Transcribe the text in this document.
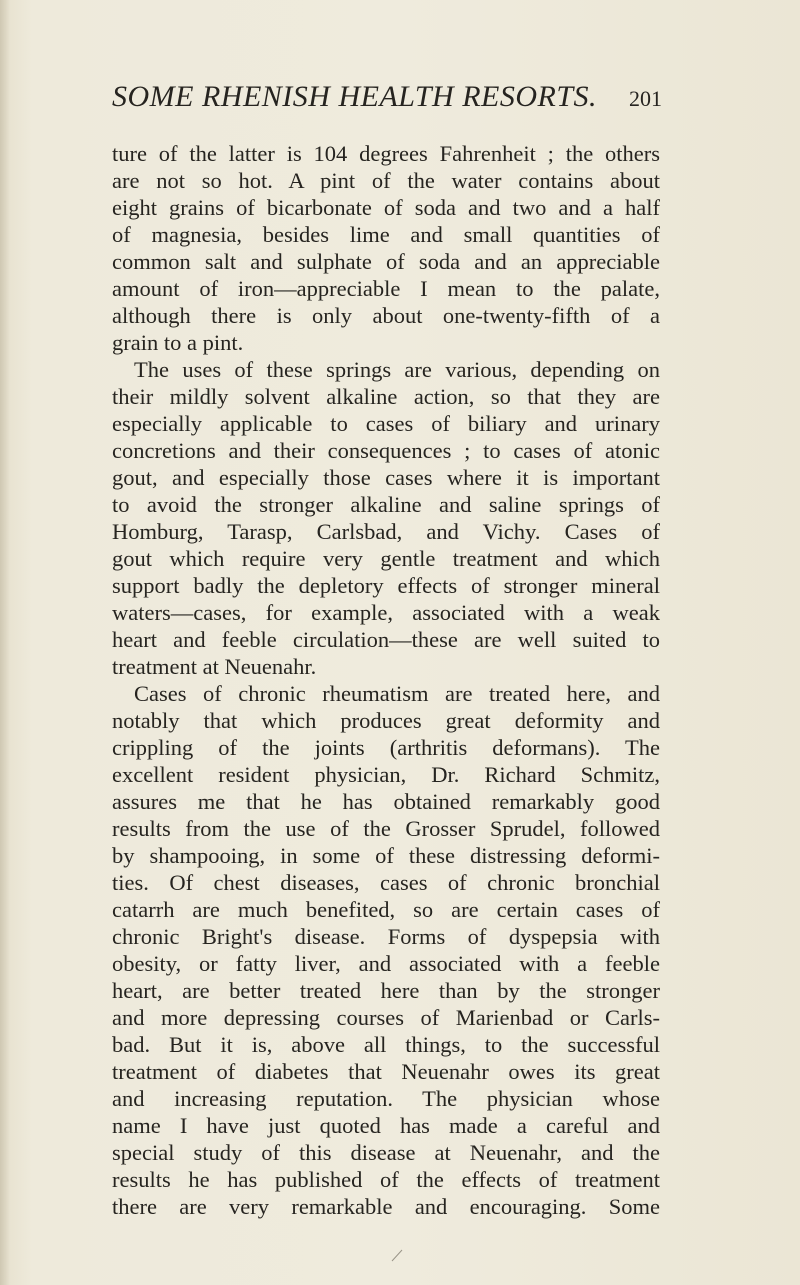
SOME RHENISH HEALTH RESORTS. 201
ture of the latter is 104 degrees Fahrenheit ; the others
are not so hot. A pint of the water contains about
eight grains of bicarbonate of soda and two and a half
of magnesia, besides lime and small quantities of
common salt and sulphate of soda and an appreciable
amount of iron—appreciable I mean to the palate,
although there is only about one-twenty-fifth of a
grain to a pint.
The uses of these springs are various, depending on
their mildly solvent alkaline action, so that they are
especially applicable to cases of biliary and urinary
concretions and their consequences ; to cases of atonic
gout, and especially those cases where it is important
to avoid the stronger alkaline and saline springs of
Homburg, Tarasp, Carlsbad, and Vichy. Cases of
gout which require very gentle treatment and which
support badly the depletory effects of stronger mineral
waters—cases, for example, associated with a weak
heart and feeble circulation—these are well suited to
treatment at Neuenahr.
Cases of chronic rheumatism are treated here, and
notably that which produces great deformity and
crippling of the joints (arthritis deformans). The
excellent resident physician, Dr. Richard Schmitz,
assures me that he has obtained remarkably good
results from the use of the Grosser Sprudel, followed
by shampooing, in some of these distressing deformi-
ties. Of chest diseases, cases of chronic bronchial
catarrh are much benefited, so are certain cases of
chronic Bright's disease. Forms of dyspepsia with
obesity, or fatty liver, and associated with a feeble
heart, are better treated here than by the stronger
and more depressing courses of Marienbad or Carls-
bad. But it is, above all things, to the successful
treatment of diabetes that Neuenahr owes its great
and increasing reputation. The physician whose
name I have just quoted has made a careful and
special study of this disease at Neuenahr, and the
results he has published of the effects of treatment
there are very remarkable and encouraging. Some
